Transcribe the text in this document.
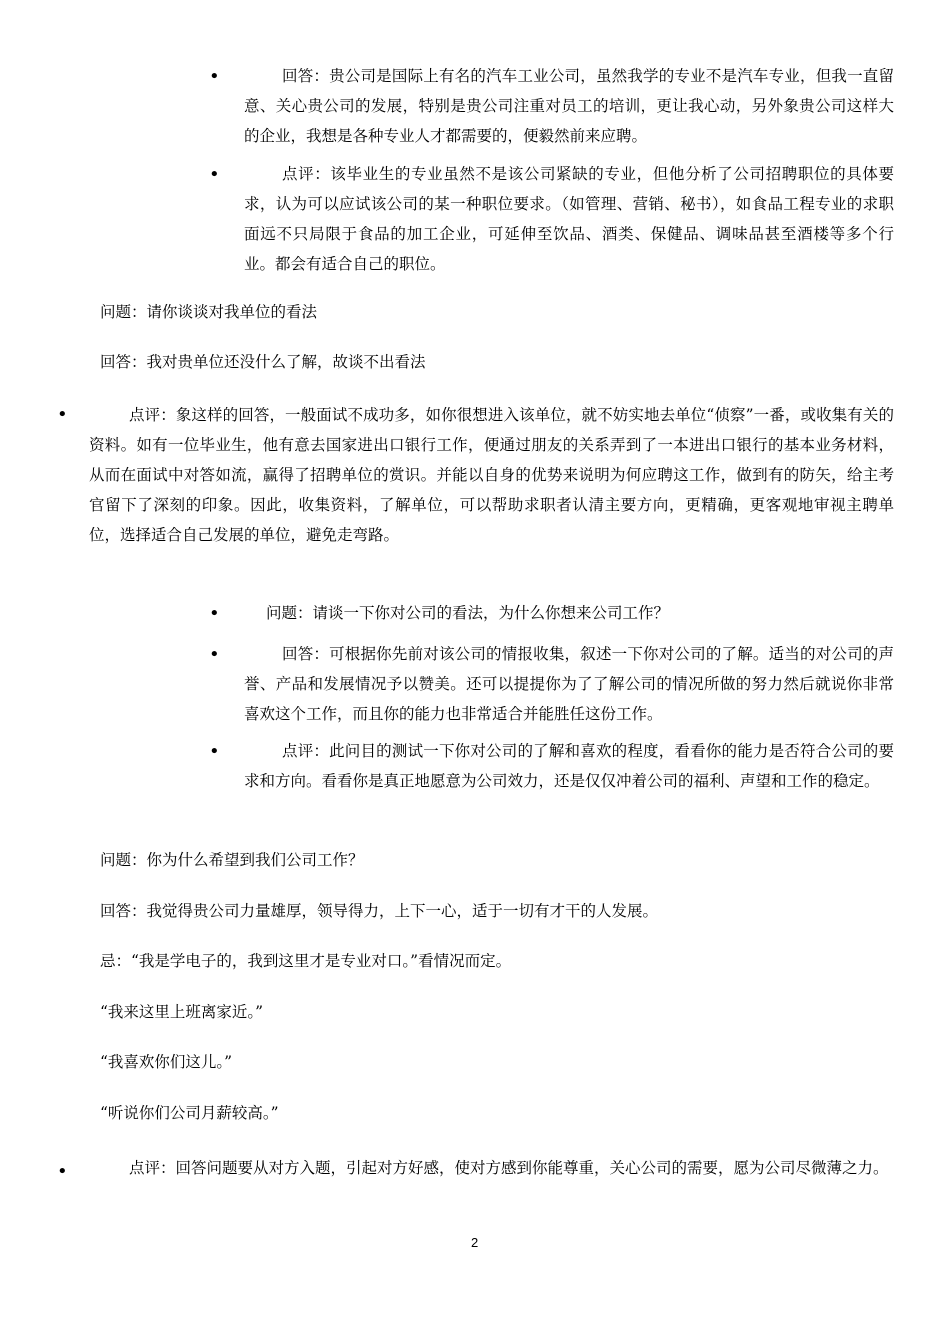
•	回答：贵公司是国际上有名的汽车工业公司，虽然我学的专业不是汽车专业，但我一直留意、关心贵公司的发展，特别是贵公司注重对员工的培训，更让我心动，另外象贵公司这样大的企业，我想是各种专业人才都需要的，便毅然前来应聘。
•	点评：该毕业生的专业虽然不是该公司紧缺的专业，但他分析了公司招聘职位的具体要求，认为可以应试该公司的某一种职位要求。（如管理、营销、秘书），如食品工程专业的求职面远不只局限于食品的加工企业，可延伸至饮品、酒类、保健品、调味品甚至酒楼等多个行业。都会有适合自己的职位。
问题：请你谈谈对我单位的看法
回答：我对贵单位还没什么了解，故谈不出看法
•	点评：象这样的回答，一般面试不成功多，如你很想进入该单位，就不妨实地去单位“侦察”一番，或收集有关的资料。如有一位毕业生，他有意去国家进出口银行工作，便通过朋友的关系弄到了一本进出口银行的基本业务材料，从而在面试中对答如流，赢得了招聘单位的赏识。并能以自身的优势来说明为何应聘这工作，做到有的防矢，给主考官留下了深刻的印象。因此，收集资料，了解单位，可以帮助求职者认清主要方向，更精确，更客观地审视主聘单位，选择适合自己发展的单位，避免走弯路。
•	问题：请谈一下你对公司的看法，为什么你想来公司工作？
•	回答：可根据你先前对该公司的情报收集，叙述一下你对公司的了解。适当的对公司的声誉、产品和发展情况予以赞美。还可以提提你为了了解公司的情况所做的努力然后就说你非常喜欢这个工作，而且你的能力也非常适合并能胜任这份工作。
•	点评：此问目的测试一下你对公司的了解和喜欢的程度，看看你的能力是否符合公司的要求和方向。看看你是真正地愿意为公司效力，还是仅仅冲着公司的福利、声望和工作的稳定。
问题：你为什么希望到我们公司工作？
回答：我觉得贵公司力量雄厚，领导得力，上下一心，适于一切有才干的人发展。
忌：“我是学电子的，我到这里才是专业对口。”看情况而定。
“我来这里上班离家近。”
“我喜欢你们这儿。”
“听说你们公司月薪较高。”
•	点评：回答问题要从对方入题，引起对方好感，使对方感到你能尊重，关心公司的需要，愿为公司尽微薄之力。
2
